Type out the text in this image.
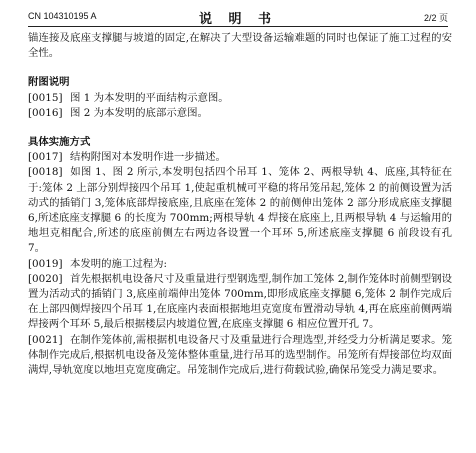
CN 104310195 A	说 明 书	2/2 页

锚连接及底座支撑腿与坡道的固定,在解决了大型设备运输难题的同时也保证了施工过程的安全性。

附图说明

[0015] 图 1 为本发明的平面结构示意图。

[0016] 图 2 为本发明的底部示意图。

具体实施方式

[0017] 结构附图对本发明作进一步描述。

[0018] 如图 1、图 2 所示,本发明包括四个吊耳 1、笼体 2、两根导轨 4、底座,其特征在于:笼体 2 上部分别焊接四个吊耳 1,使起重机械可平稳的将吊笼吊起,笼体 2 的前侧设置为活动式的插销门 3,笼体底部焊接底座,且底座在笼体 2 的前侧伸出笼体 2 部分形成底座支撑腿 6,所述底座支撑腿 6 的长度为 700mm;两根导轨 4 焊接在底座上,且两根导轨 4 与运输用的地坦克相配合,所述的底座前侧左右两边各设置一个耳环 5,所述底座支撑腿 6 前段设有孔 7。

[0019] 本发明的施工过程为:

[0020] 首先根据机电设备尺寸及重量进行型钢选型,制作加工笼体 2,制作笼体时前侧型钢设置为活动式的插销门 3,底座前端伸出笼体 700mm,即形成底座支撑腿 6,笼体 2 制作完成后在上部四侧焊接四个吊耳 1,在底座内表面根据地坦克宽度布置滑动导轨 4,再在底座前侧两端焊接两个耳环 5,最后根据楼层内坡道位置,在底座支撑腿 6 相应位置开孔 7。

[0021] 在制作笼体前,需根据机电设备尺寸及重量进行合理选型,并经受力分析满足要求。笼体制作完成后,根据机电设备及笼体整体重量,进行吊耳的选型制作。吊笼所有焊接部位均双面满焊,导轨宽度以地坦克宽度确定。吊笼制作完成后,进行荷载试验,确保吊笼受力满足要求。
